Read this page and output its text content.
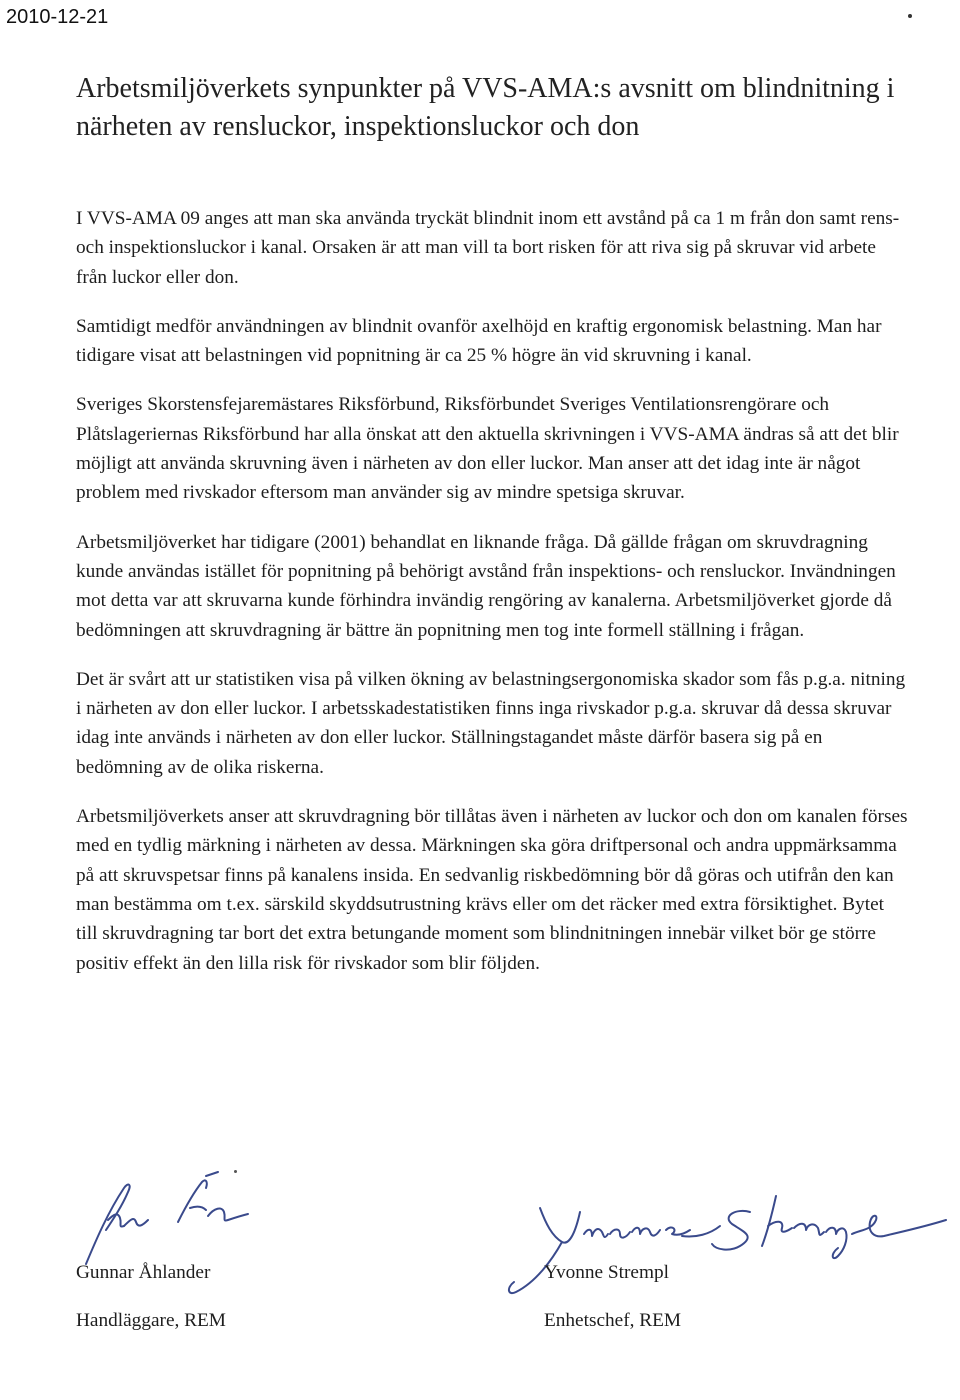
2010-12-21
Arbetsmiljöverkets synpunkter på VVS-AMA:s avsnitt om blindnitning i närheten av rensluckor, inspektionsluckor och don

I VVS-AMA 09 anges att man ska använda tryckät blindnit inom ett avstånd på ca 1 m från don samt rens- och inspektionsluckor i kanal. Orsaken är att man vill ta bort risken för att riva sig på skruvar vid arbete från luckor eller don.

Samtidigt medför användningen av blindnit ovanför axelhöjd en kraftig ergonomisk belastning. Man har tidigare visat att belastningen vid popnitning är ca 25 % högre än vid skruvning i kanal.

Sveriges Skorstensfejaremästares Riksförbund, Riksförbundet Sveriges Ventilationsrengörare och Plåtslageriernas Riksförbund har alla önskat att den aktuella skrivningen i VVS-AMA ändras så att det blir möjligt att använda skruvning även i närheten av don eller luckor. Man anser att det idag inte är något problem med rivskador eftersom man använder sig av mindre spetsiga skruvar.

Arbetsmiljöverket har tidigare (2001) behandlat en liknande fråga. Då gällde frågan om skruvdragning kunde användas istället för popnitning på behörigt avstånd från inspektions- och rensluckor. Invändningen mot detta var att skruvarna kunde förhindra invändig rengöring av kanalerna. Arbetsmiljöverket gjorde då bedömningen att skruvdragning är bättre än popnitning men tog inte formell ställning i frågan.

Det är svårt att ur statistiken visa på vilken ökning av belastningsergonomiska skador som fås p.g.a. nitning i närheten av don eller luckor. I arbetsskadestatistiken finns inga rivskador p.g.a. skruvar då dessa skruvar idag inte används i närheten av don eller luckor. Ställningstagandet måste därför basera sig på en bedömning av de olika riskerna.

Arbetsmiljöverkets anser att skruvdragning bör tillåtas även i närheten av luckor och don om kanalen förses med en tydlig märkning i närheten av dessa. Märkningen ska göra driftpersonal och andra uppmärksamma på att skruvspetsar finns på kanalens insida. En sedvanlig riskbedömning bör då göras och utifrån den kan man bestämma om t.ex. särskild skyddsutrustning krävs eller om det räcker med extra försiktighet. Bytet till skruvdragning tar bort det extra betungande moment som blindnitningen innebär vilket bör ge större positiv effekt än den lilla risk för rivskador som blir följden.

Gunnar Åhlander
Handläggare, REM
Yvonne Strempl
Enhetschef, REM
